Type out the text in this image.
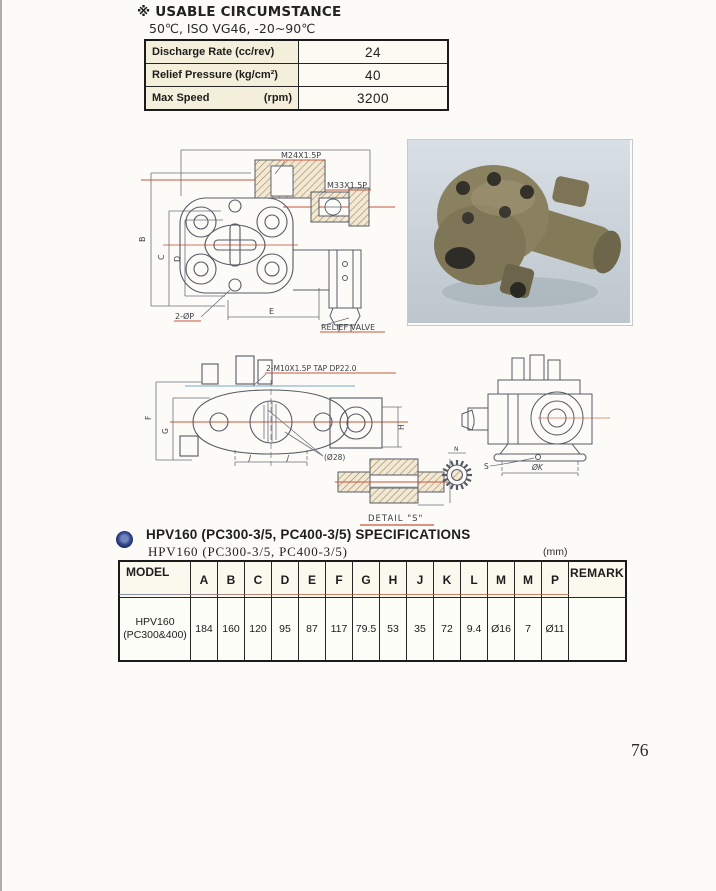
※ USABLE CIRCUMSTANCE
50℃, ISO VG46, -20~90℃
Discharge Rate (cc/rev)	24

Relief Pressure (kg/cm²)	40

Max Speed (rpm)	3200
M24X1.5P
M33X1.5P
B
C D
E
2-ØP
RELIEF VALVE
2-M10X1.5P TAP DP22.0
F
G
H
J	J	(Ø28)
N
DETAIL "S"
S	ØK
HPV160 (PC300-3/5, PC400-3/5) SPECIFICATIONS
HPV160 (PC300-3/5, PC400-3/5)	(mm)
MODEL	A	B	C	D	E	F	G	H	J	K	L	M	M	P	REMARK

HPV160
(PC300&400)	184	160	120	95	87	117	79.5	53	35	72	9.4	Ø16	7	Ø11	
76
